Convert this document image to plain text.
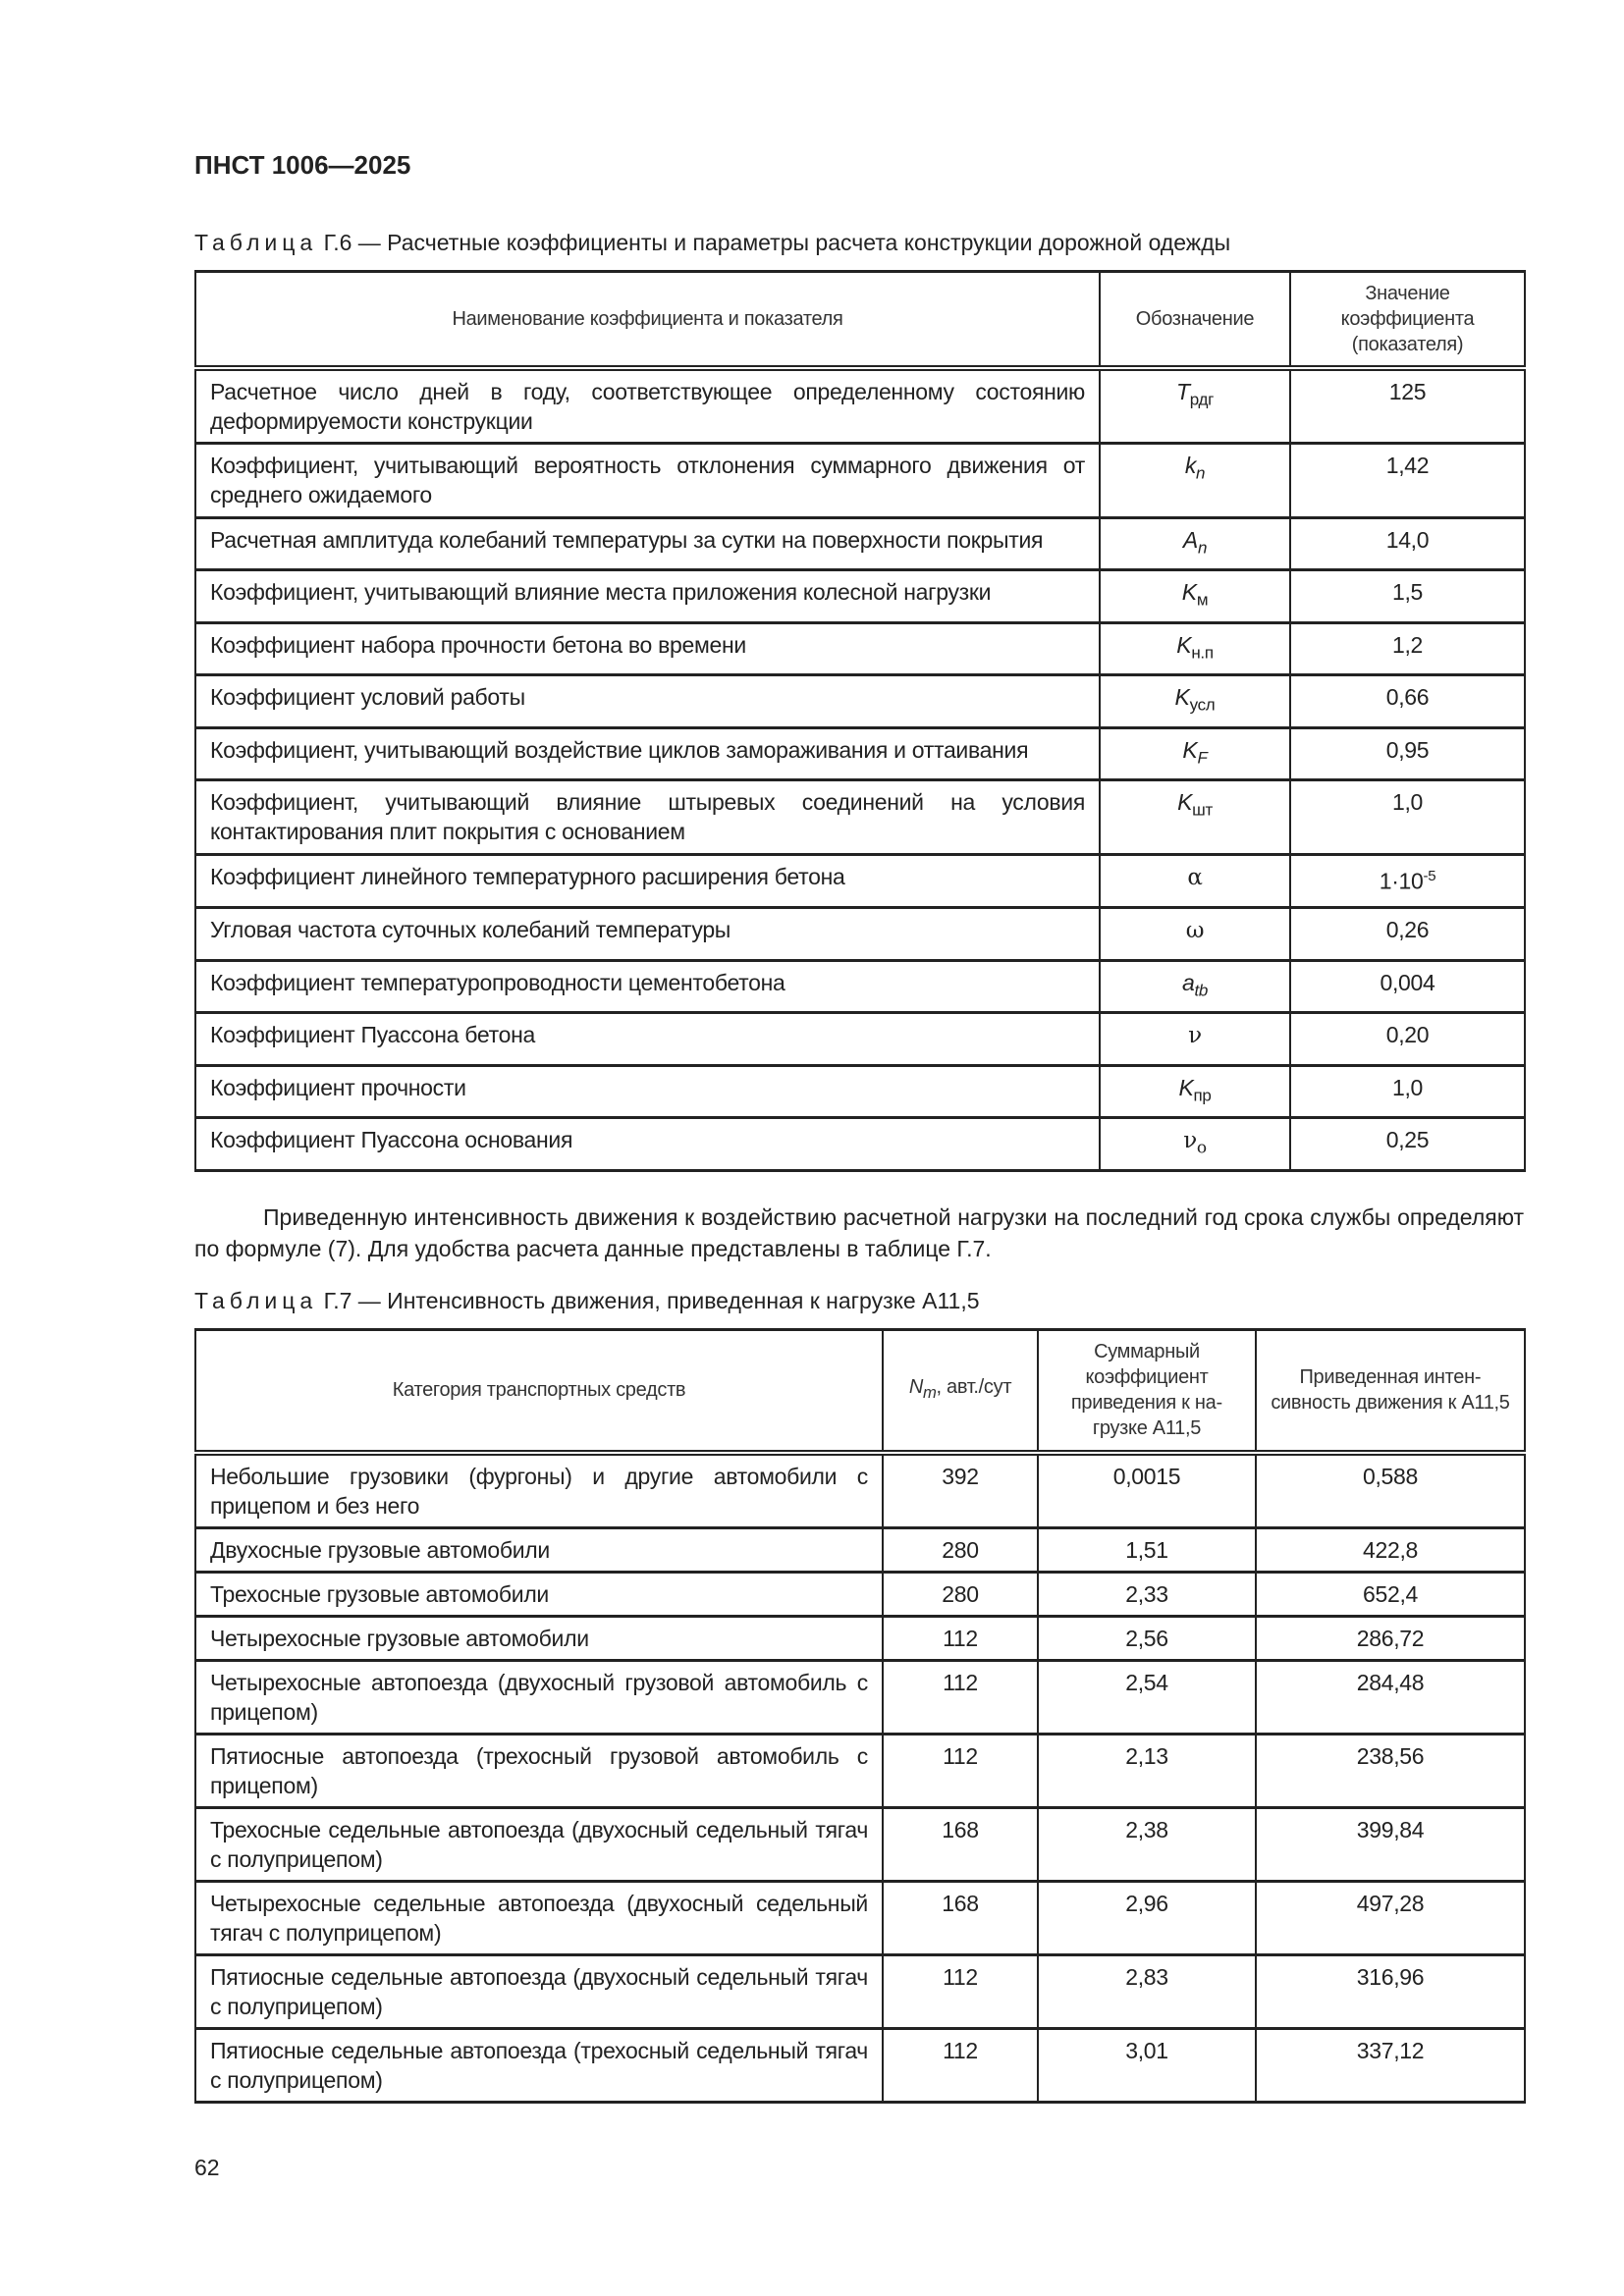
ПНСТ 1006—2025
Таблица Г.6 — Расчетные коэффициенты и параметры расчета конструкции дорожной одежды
Наименование коэффициента и показателя	Обозначение	Значение коэффициента (показателя)
Расчетное число дней в году, соответствующее определенному состоянию деформируемости конструкции	$T_{рдг}$	125
Коэффициент, учитывающий вероятность отклонения суммарного движения от среднего ожидаемого	$k_n$	1,42
Расчетная амплитуда колебаний температуры за сутки на поверхности покрытия	$A_n$	14,0
Коэффициент, учитывающий влияние места приложения колесной нагрузки	$K_м$	1,5
Коэффициент набора прочности бетона во времени	$K_{н.п}$	1,2
Коэффициент условий работы	$K_{усл}$	0,66
Коэффициент, учитывающий воздействие циклов замораживания и оттаивания	$K_F$	0,95
Коэффициент, учитывающий влияние штыревых соединений на условия контактирования плит покрытия с основанием	$K_{шт}$	1,0
Коэффициент линейного температурного расширения бетона	α	$1\cdot 10^{-5}$
Угловая частота суточных колебаний температуры	ω	0,26
Коэффициент температуропроводности цементобетона	$a_{tb}$	0,004
Коэффициент Пуассона бетона	ν	0,20
Коэффициент прочности	$K_{пр}$	1,0
Коэффициент Пуассона основания	$\nu_о$	0,25
Приведенную интенсивность движения к воздействию расчетной нагрузки на последний год срока службы определяют по формуле (7). Для удобства расчета данные представлены в таблице Г.7.
Таблица Г.7 — Интенсивность движения, приведенная к нагрузке А11,5
Категория транспортных средств	$N_m$, авт./сут	Суммарный коэффициент приведения к нагрузке А11,5	Приведенная интенсивность движения к А11,5
Небольшие грузовики (фургоны) и другие автомобили с прицепом и без него	392	0,0015	0,588
Двухосные грузовые автомобили	280	1,51	422,8
Трехосные грузовые автомобили	280	2,33	652,4
Четырехосные грузовые автомобили	112	2,56	286,72
Четырехосные автопоезда (двухосный грузовой автомобиль с прицепом)	112	2,54	284,48
Пятиосные автопоезда (трехосный грузовой автомобиль с прицепом)	112	2,13	238,56
Трехосные седельные автопоезда (двухосный седельный тягач с полуприцепом)	168	2,38	399,84
Четырехосные седельные автопоезда (двухосный седельный тягач с полуприцепом)	168	2,96	497,28
Пятиосные седельные автопоезда (двухосный седельный тягач с полуприцепом)	112	2,83	316,96
Пятиосные седельные автопоезда (трехосный седельный тягач с полуприцепом)	112	3,01	337,12
62
